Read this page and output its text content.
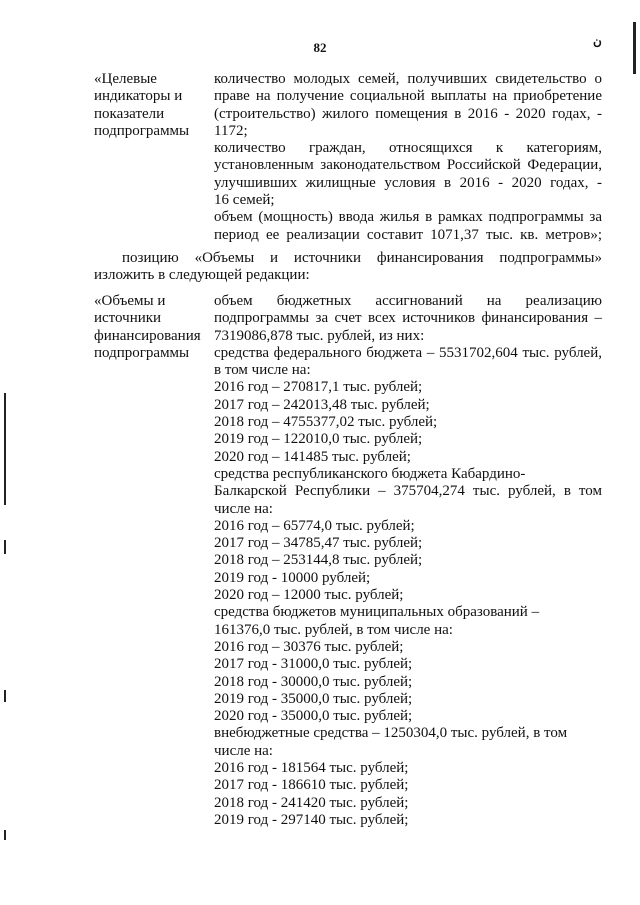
82	ن
«Целевые
индикаторы и
показатели
подпрограммы
количество молодых семей, получивших свидетельство о
праве на получение социальной выплаты на приобретение
(строительство) жилого помещения в 2016 - 2020 годах, -
1172;
количество граждан, относящихся к категориям,
установленным законодательством Российской Федерации,
улучшивших жилищные условия в 2016 - 2020 годах, -
16 семей;
объем (мощность) ввода жилья в рамках подпрограммы за
период ее реализации составит 1071,37 тыс. кв. метров»;
позицию «Объемы и источники финансирования подпрограммы»
изложить в следующей редакции:
«Объемы и
источники
финансирования
подпрограммы
объем бюджетных ассигнований на реализацию
подпрограммы за счет всех источников финансирования –
7319086,878 тыс. рублей, из них:
средства федерального бюджета – 5531702,604 тыс. рублей,
в том числе на:
2016 год – 270817,1 тыс. рублей;
2017 год – 242013,48 тыс. рублей;
2018 год – 4755377,02 тыс. рублей;
2019 год – 122010,0 тыс. рублей;
2020 год – 141485 тыс. рублей;
средства республиканского бюджета Кабардино-
Балкарской Республики – 375704,274 тыс. рублей, в том
числе на:
2016 год – 65774,0 тыс. рублей;
2017 год – 34785,47 тыс. рублей;
2018 год – 253144,8 тыс. рублей;
2019 год - 10000 рублей;
2020 год – 12000 тыс. рублей;
средства бюджетов муниципальных образований –
161376,0 тыс. рублей, в том числе на:
2016 год – 30376 тыс. рублей;
2017 год - 31000,0 тыс. рублей;
2018 год - 30000,0 тыс. рублей;
2019 год - 35000,0 тыс. рублей;
2020 год - 35000,0 тыс. рублей;
внебюджетные средства – 1250304,0 тыс. рублей, в том
числе на:
2016 год - 181564 тыс. рублей;
2017 год - 186610 тыс. рублей;
2018 год - 241420 тыс. рублей;
2019 год - 297140 тыс. рублей;
